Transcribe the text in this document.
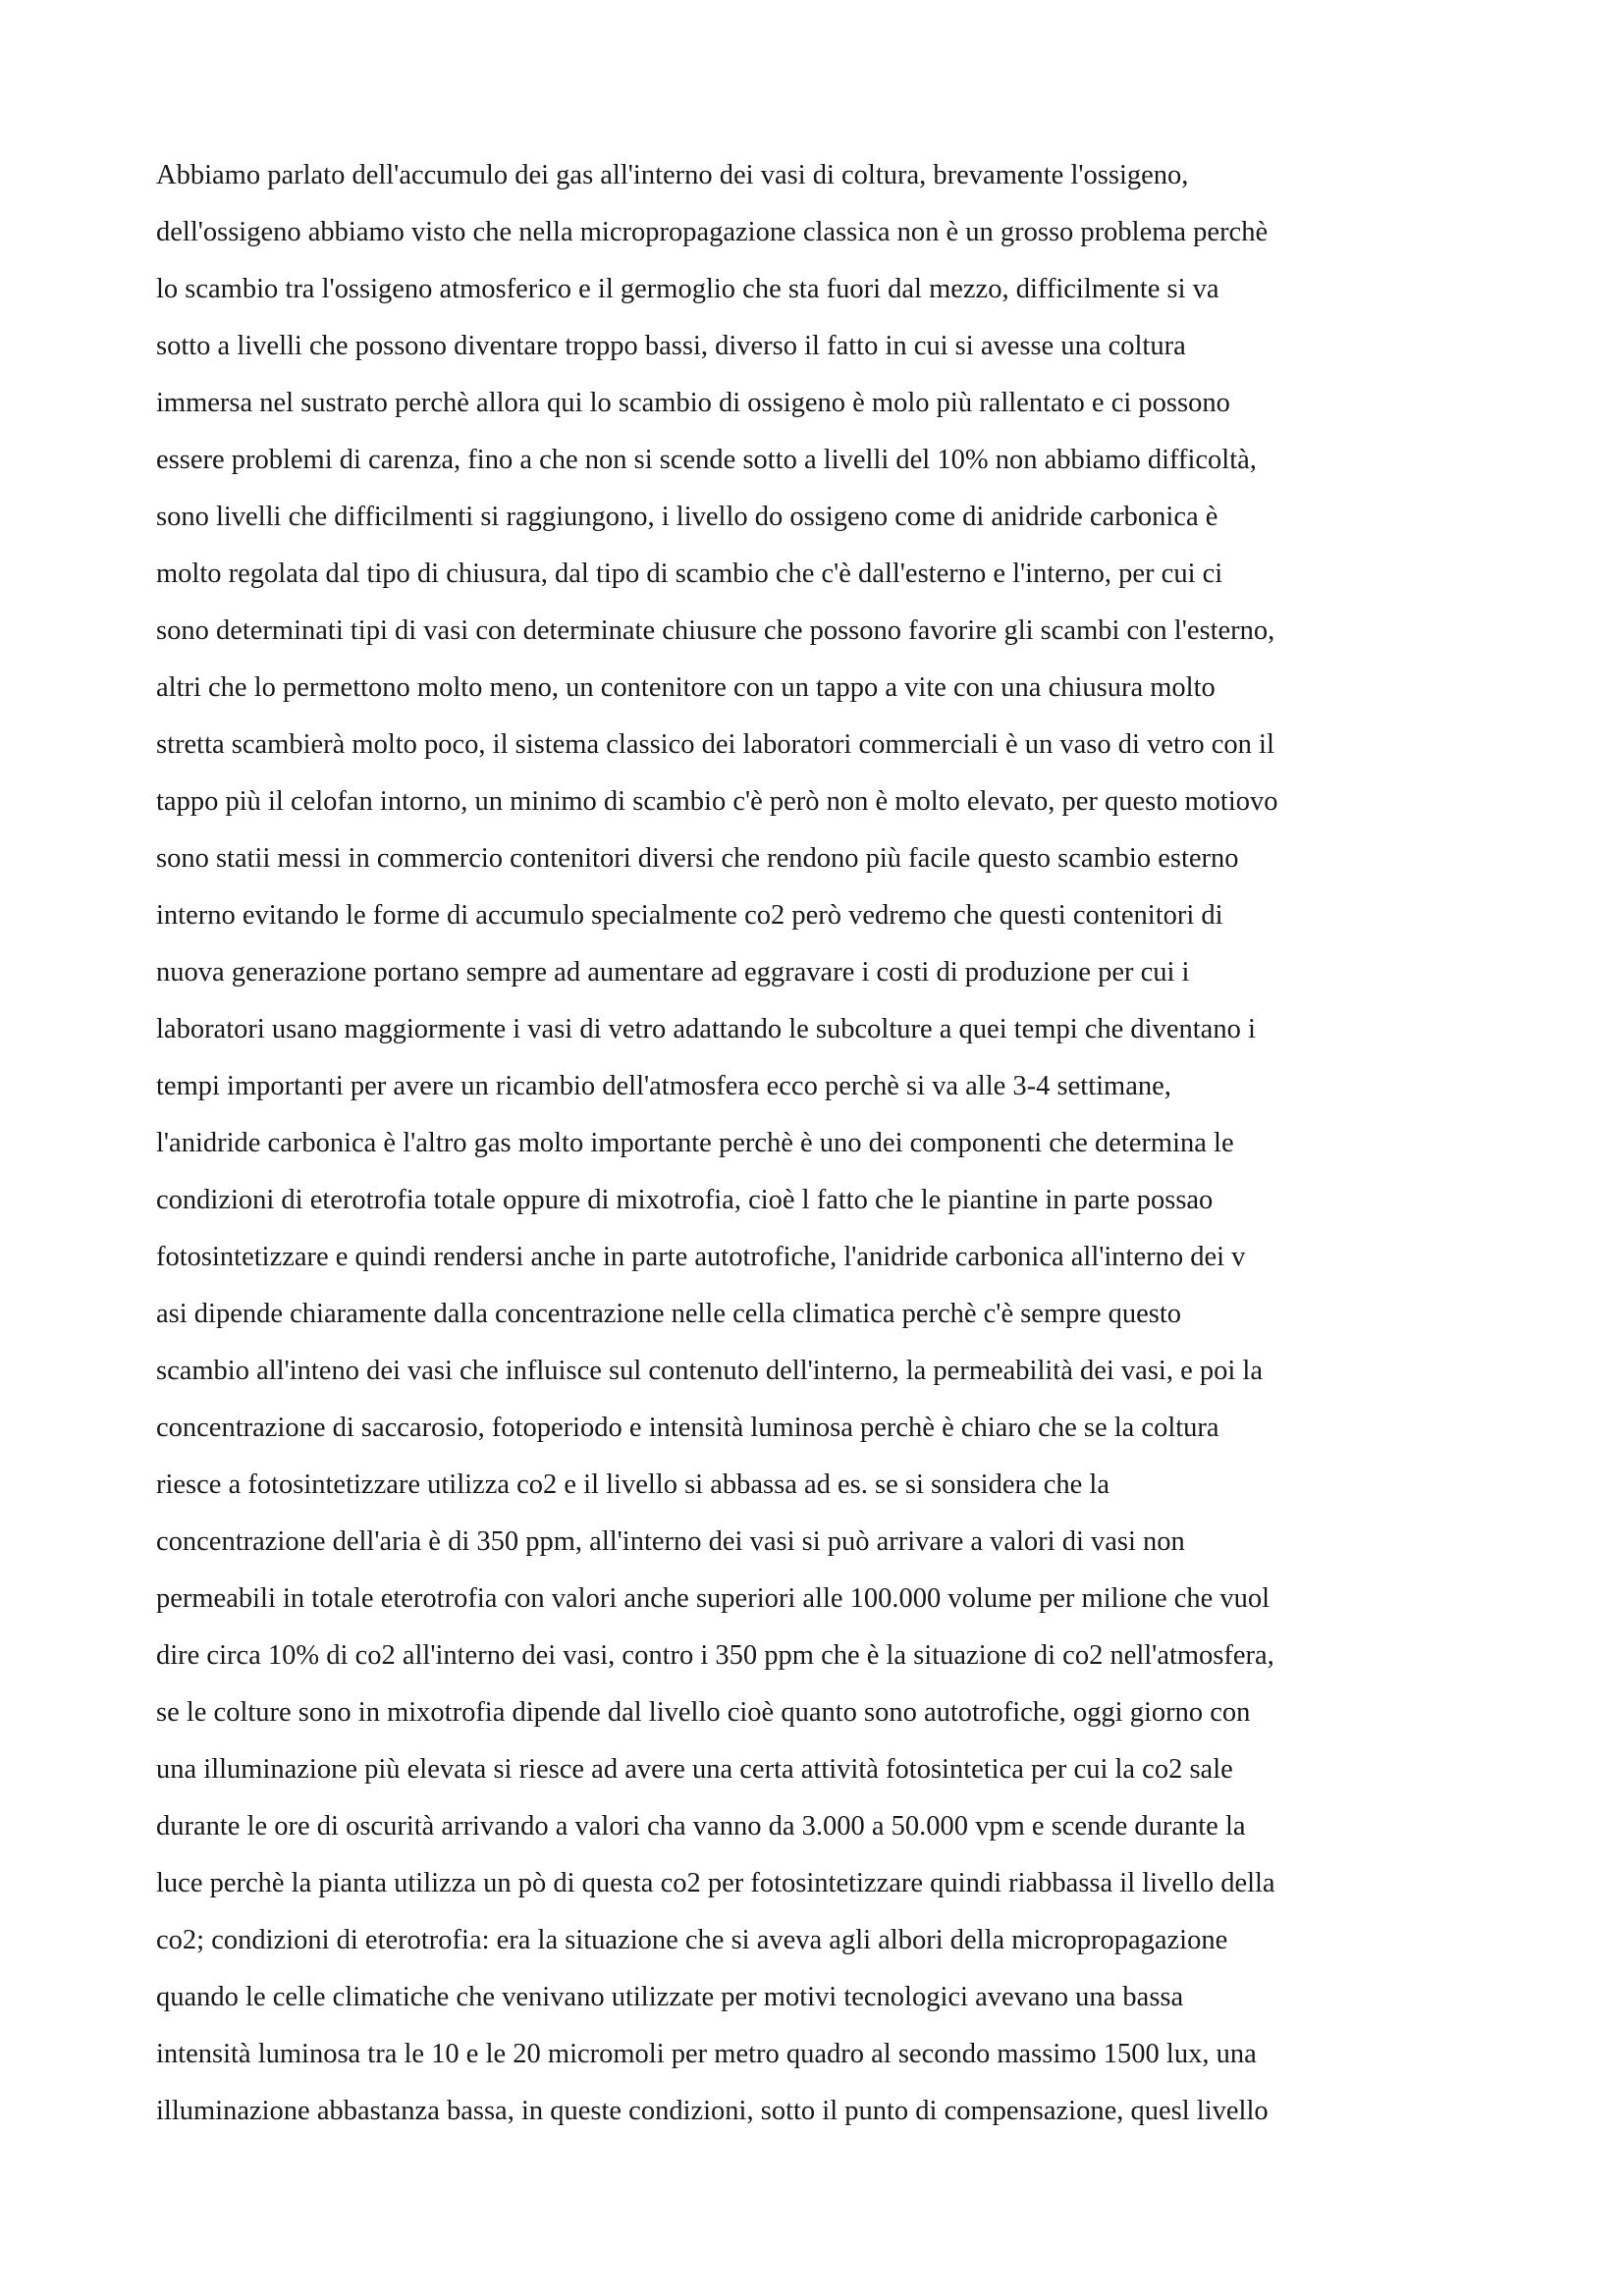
Abbiamo parlato dell'accumulo dei gas all'interno dei vasi di coltura, brevamente l'ossigeno,
dell'ossigeno abbiamo visto che nella micropropagazione classica non è un grosso problema perchè
lo scambio tra l'ossigeno atmosferico e il germoglio che sta fuori dal mezzo, difficilmente si va
sotto a livelli che possono diventare troppo bassi, diverso il fatto in cui si avesse una coltura
immersa nel sustrato perchè allora qui lo scambio di ossigeno è molo più rallentato e ci possono
essere problemi di carenza, fino a che non si scende sotto a livelli del 10% non abbiamo difficoltà,
sono livelli che difficilmenti si raggiungono, i livello do ossigeno come di anidride carbonica è
molto regolata dal tipo di chiusura, dal tipo di scambio che c'è dall'esterno e l'interno, per cui ci
sono determinati tipi di vasi con determinate chiusure che possono favorire gli scambi con l'esterno,
altri che lo permettono molto meno, un contenitore con un tappo a vite con una chiusura molto
stretta scambierà molto poco, il sistema classico dei laboratori commerciali è un vaso di vetro con il
tappo più il celofan intorno, un minimo di scambio c'è però non è molto elevato, per questo motiovo
sono statii messi in commercio contenitori diversi che rendono più facile questo scambio esterno
interno evitando le forme di accumulo specialmente co2 però vedremo che questi contenitori di
nuova generazione portano sempre ad aumentare ad eggravare i costi di produzione per cui i
laboratori usano maggiormente i vasi di vetro adattando le subcolture a quei tempi che diventano i
tempi importanti per avere un ricambio dell'atmosfera ecco perchè si va alle 3-4 settimane,
l'anidride carbonica è l'altro gas molto importante perchè è uno dei componenti che determina le
condizioni di eterotrofia totale oppure di mixotrofia, cioè l fatto che le piantine in parte possao
fotosintetizzare e quindi rendersi anche in parte autotrofiche, l'anidride carbonica all'interno dei v
asi dipende chiaramente dalla concentrazione nelle cella climatica perchè c'è sempre questo
scambio all'inteno dei vasi che influisce sul contenuto dell'interno, la permeabilità dei vasi, e poi la
concentrazione di saccarosio, fotoperiodo e intensità luminosa perchè è chiaro che se la coltura
riesce a fotosintetizzare utilizza co2 e il livello si abbassa ad es. se si sonsidera che la
concentrazione dell'aria è di 350 ppm, all'interno dei vasi si può arrivare a valori di vasi non
permeabili in totale eterotrofia con valori anche superiori alle 100.000 volume per milione che vuol
dire circa 10% di co2 all'interno dei vasi, contro i 350 ppm che è la situazione di co2 nell'atmosfera,
se le colture sono in mixotrofia dipende dal livello cioè quanto sono autotrofiche, oggi giorno con
una illuminazione più elevata si riesce ad avere una certa attività fotosintetica per cui la co2 sale
durante le ore di oscurità arrivando a valori cha vanno da 3.000 a 50.000 vpm e scende durante la
luce perchè la pianta utilizza un pò di questa co2 per fotosintetizzare quindi riabbassa il livello della
co2; condizioni di eterotrofia: era la situazione che si aveva agli albori della micropropagazione
quando le celle climatiche che venivano utilizzate per motivi tecnologici avevano una bassa
intensità luminosa tra le 10 e le 20 micromoli per metro quadro al secondo massimo 1500 lux, una
illuminazione abbastanza bassa, in queste condizioni, sotto il punto di compensazione, quesl livello
